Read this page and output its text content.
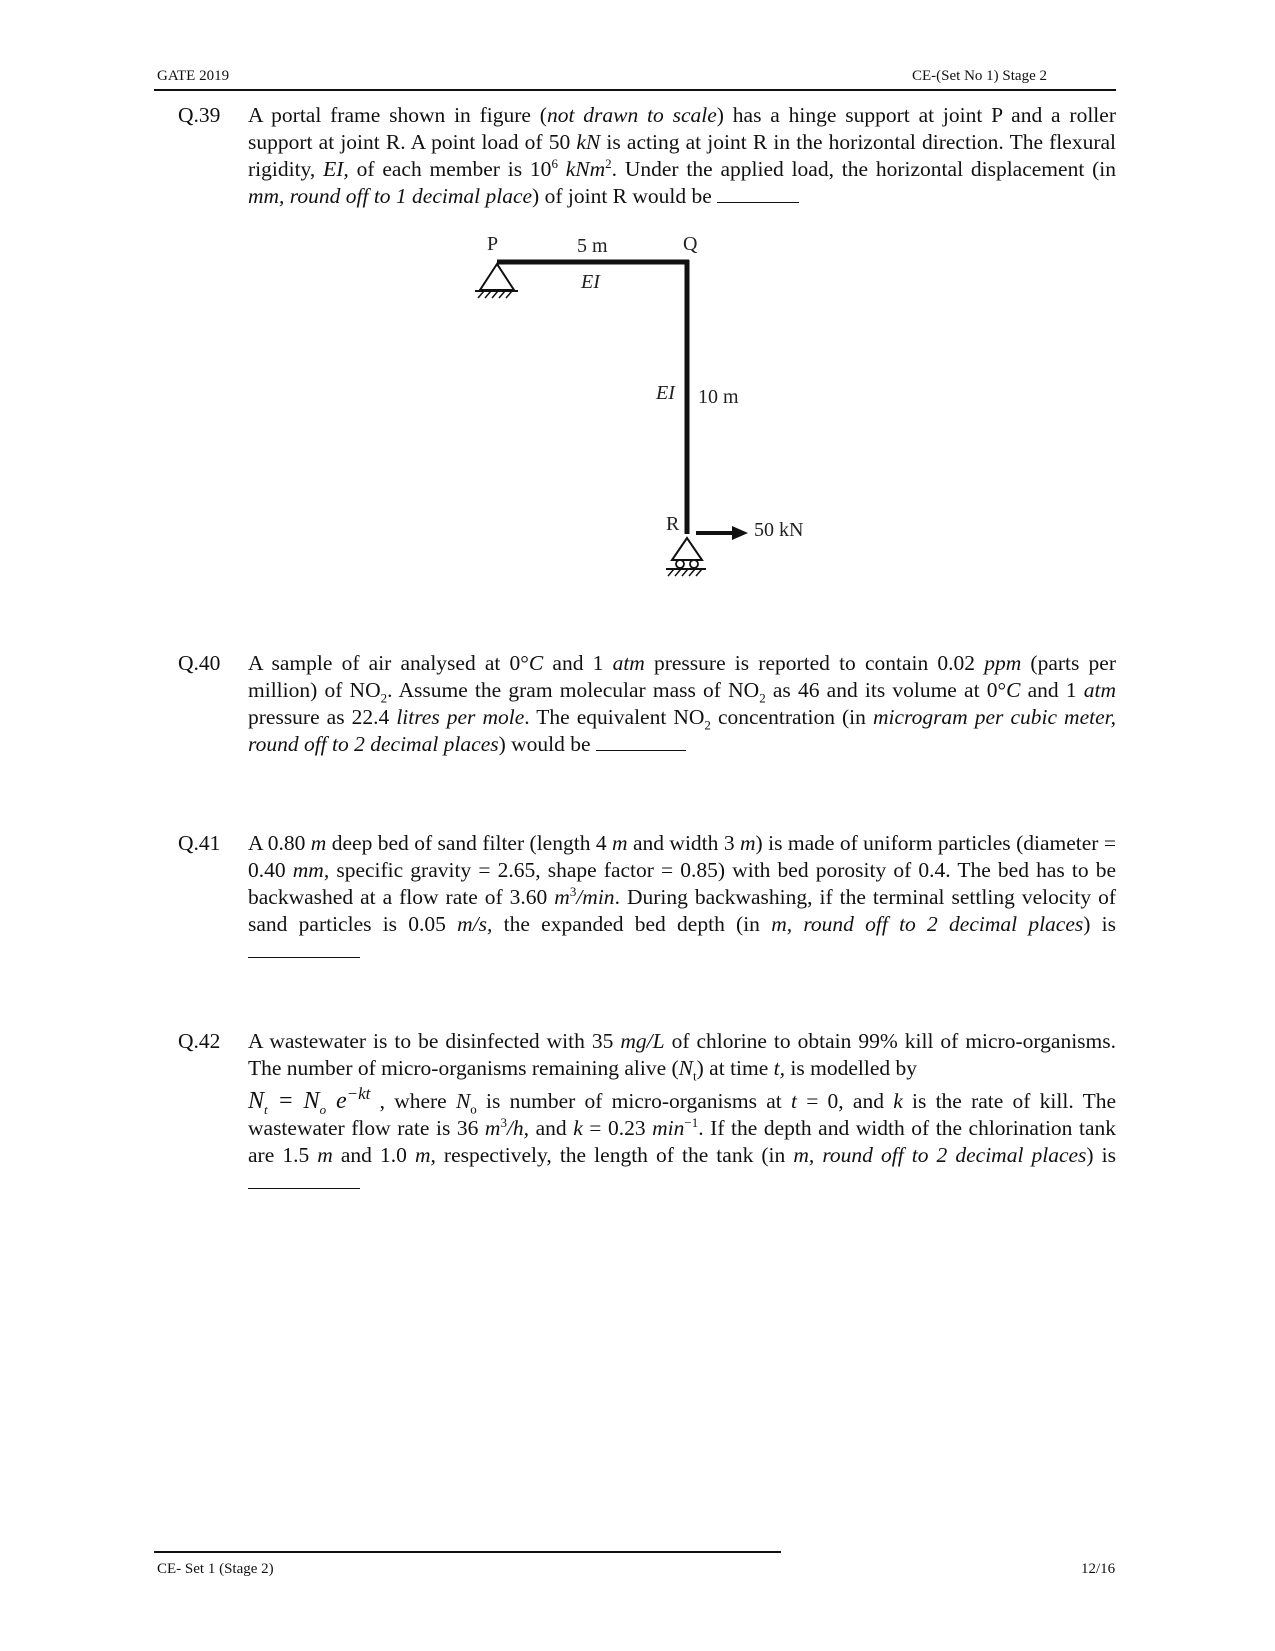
GATE 2019	CE-(Set No 1) Stage 2
Q.39	A portal frame shown in figure (not drawn to scale) has a hinge support at joint P and a roller support at joint R. A point load of 50 kN is acting at joint R in the horizontal direction. The flexural rigidity, EI, of each member is $10^6$ kNm$^2$. Under the applied load, the horizontal displacement (in mm, round off to 1 decimal place) of joint R would be
P	5 m	Q
EI
EI 10 m
R	50 kN
Q.40	A sample of air analysed at 0°C and 1 atm pressure is reported to contain 0.02 ppm (parts per million) of $NO_2$. Assume the gram molecular mass of $NO_2$ as 46 and its volume at 0°C and 1 atm pressure as 22.4 litres per mole. The equivalent $NO_2$ concentration (in microgram per cubic meter, round off to 2 decimal places) would be
Q.41	A 0.80 m deep bed of sand filter (length 4 m and width 3 m) is made of uniform particles (diameter = 0.40 mm, specific gravity = 2.65, shape factor = 0.85) with bed porosity of 0.4. The bed has to be backwashed at a flow rate of 3.60 $m^3/\min$. During backwashing, if the terminal settling velocity of sand particles is 0.05 m/s, the expanded bed depth (in m, round off to 2 decimal places) is
Q.42	A wastewater is to be disinfected with 35 mg/L of chlorine to obtain 99% kill of micro-organisms. The number of micro-organisms remaining alive $(N_t)$ at time t, is modelled by
$N_t = N_o$ $e^{-kt}$ , where $N_o$ is number of micro-organisms at t = 0, and k is the rate of kill. The wastewater flow rate is 36 $m^3/h$, and k = 0.23 $\min^{-1}$. If the depth and width of the chlorination tank are 1.5 m and 1.0 m, respectively, the length of the tank (in m, round off to 2 decimal places) is
CE- Set 1 (Stage 2)	12/16
